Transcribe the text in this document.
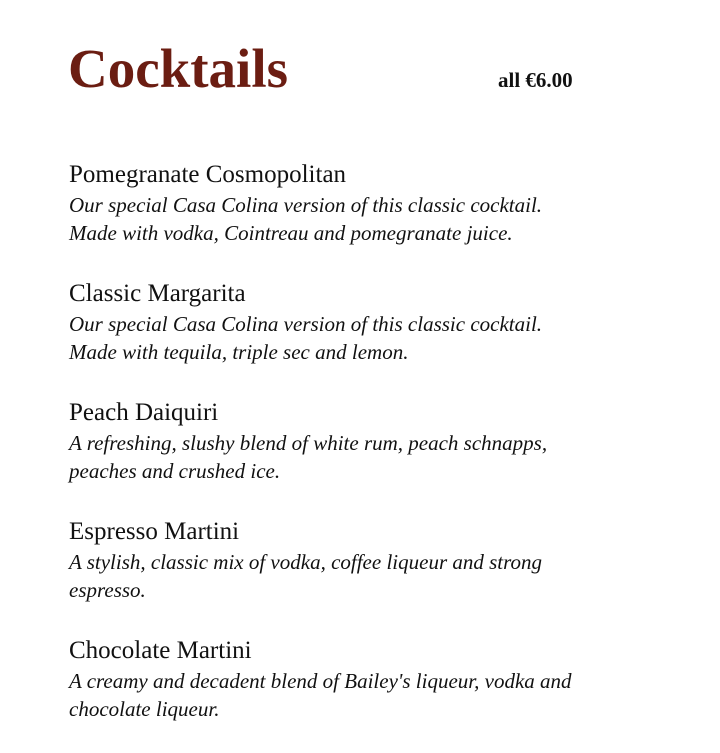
Cocktails	all €6.00
Pomegranate Cosmopolitan
Our special Casa Colina version of this classic cocktail.
Made with vodka, Cointreau and pomegranate juice.
Classic Margarita
Our special Casa Colina version of this classic cocktail.
Made with tequila, triple sec and lemon.
Peach Daiquiri
A refreshing, slushy blend of white rum, peach schnapps,
peaches and crushed ice.
Espresso Martini
A stylish, classic mix of vodka, coffee liqueur and strong
espresso.
Chocolate Martini
A creamy and decadent blend of Bailey's liqueur, vodka and
chocolate liqueur.
